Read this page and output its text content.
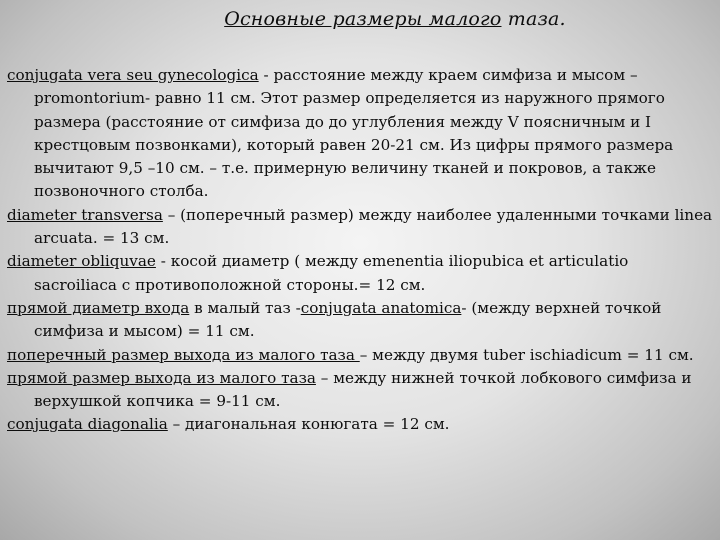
Основные размеры малого таза.

conjugata vera seu gynecologica - расстояние между краем симфиза и мысом – promontorium- равно 11 см. Этот размер определяется из наружного прямого размера (расстояние от симфиза до до углубления между V поясничным и I крестцовым позвонками), который равен 20-21 см. Из цифры прямого размера вычитают 9,5 –10 см. – т.е. примерную величину тканей и покровов, а также позвоночного столба.

diameter transversa – (поперечный размер) между наиболее удаленными точками linea arcuata. = 13 см.

diameter obliquvae - косой диаметр ( между emenentia iliopubica et articulatio sacroiliaca с противоположной стороны.= 12 см.

прямой диаметр входа в малый таз -conjugata anatomica- (между верхней точкой симфиза и мысом) = 11 см.

поперечный размер выхода из малого таза – между двумя tuber ischiadicum = 11 см.

прямой размер выхода из малого таза – между нижней точкой лобкового симфиза и верхушкой копчика = 9-11 см.

conjugata diagonalia – диагональная конюгата = 12 см.
